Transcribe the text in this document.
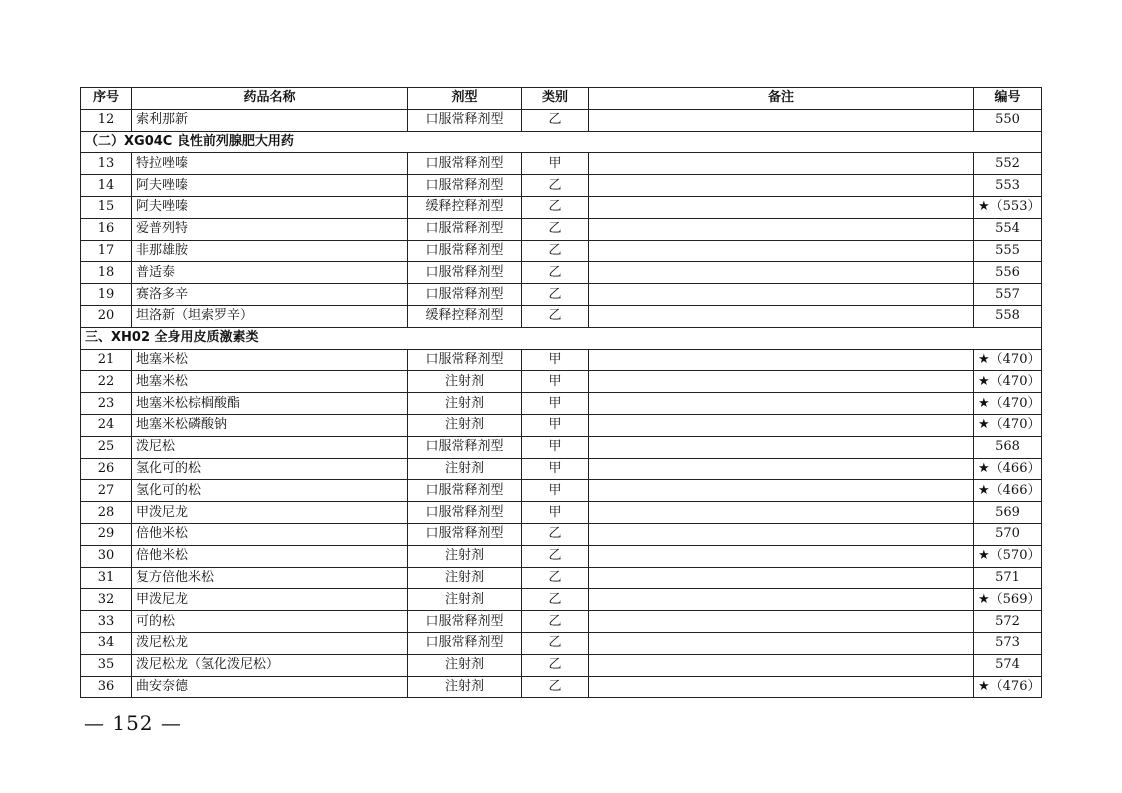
序号	药品名称	剂型	类别	备注	编号
12	索利那新	口服常释剂型	乙		550
（二）XG04C 良性前列腺肥大用药					
13	特拉唑嗪	口服常释剂型	甲		552
14	阿夫唑嗪	口服常释剂型	乙		553
15	阿夫唑嗪	缓释控释剂型	乙		★（553）
16	爱普列特	口服常释剂型	乙		554
17	非那雄胺	口服常释剂型	乙		555
18	普适泰	口服常释剂型	乙		556
19	赛洛多辛	口服常释剂型	乙		557
20	坦洛新（坦索罗辛）	缓释控释剂型	乙		558
三、XH02 全身用皮质激素类					
21	地塞米松	口服常释剂型	甲		★（470）
22	地塞米松	注射剂	甲		★（470）
23	地塞米松棕榈酸酯	注射剂	甲		★（470）
24	地塞米松磷酸钠	注射剂	甲		★（470）
25	泼尼松	口服常释剂型	甲		568
26	氢化可的松	注射剂	甲		★（466）
27	氢化可的松	口服常释剂型	甲		★（466）
28	甲泼尼龙	口服常释剂型	甲		569
29	倍他米松	口服常释剂型	乙		570
30	倍他米松	注射剂	乙		★（570）
31	复方倍他米松	注射剂	乙		571
32	甲泼尼龙	注射剂	乙		★（569）
33	可的松	口服常释剂型	乙		572
34	泼尼松龙	口服常释剂型	乙		573
35	泼尼松龙（氢化泼尼松）	注射剂	乙		574
36	曲安奈德	注射剂	乙		★（476）
— 152 —
